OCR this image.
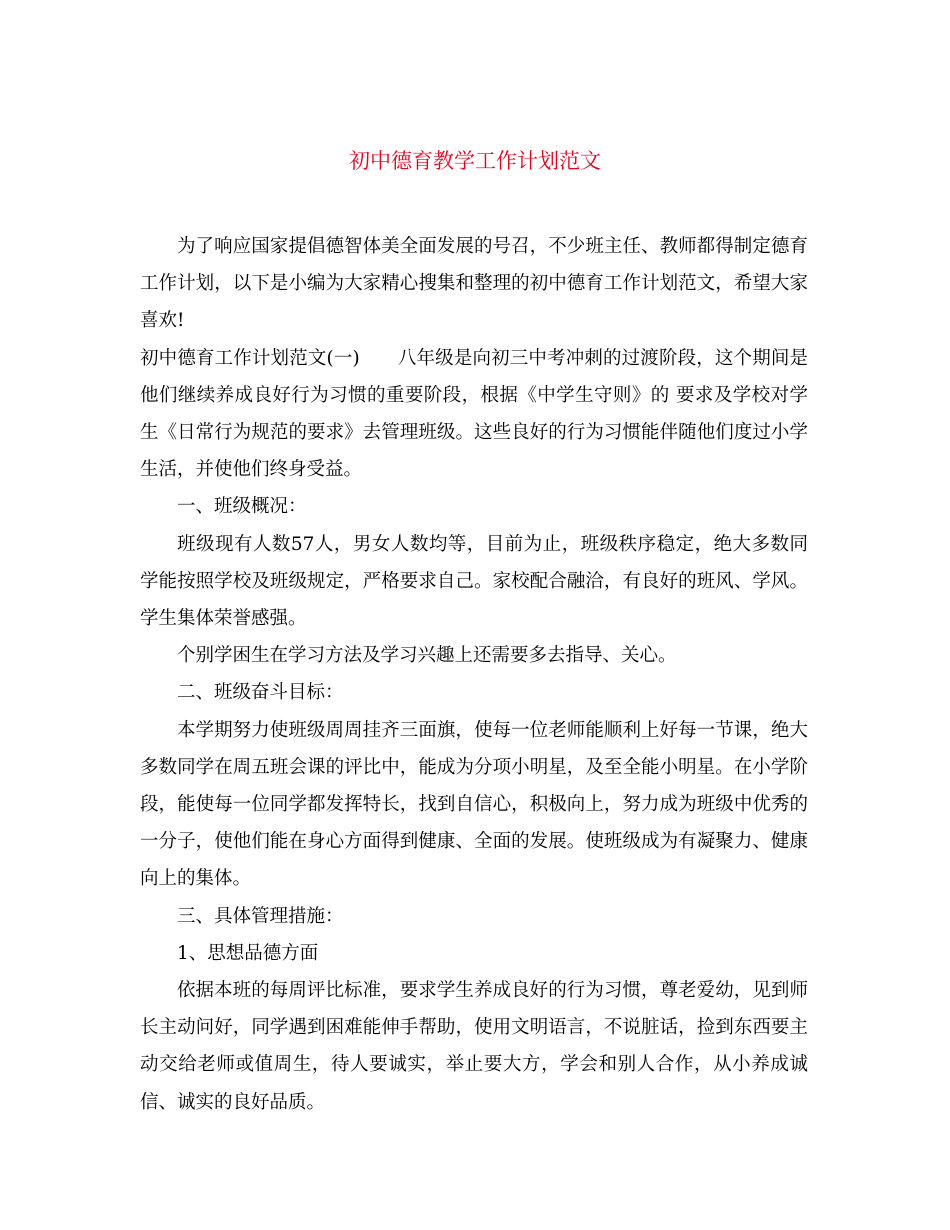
初中德育教学工作计划范文

为了响应国家提倡德智体美全面发展的号召，不少班主任、教师都得制定德育工作计划，以下是小编为大家精心搜集和整理的初中德育工作计划范文，希望大家喜欢!

初中德育工作计划范文(一) 八年级是向初三中考冲刺的过渡阶段，这个期间是他们继续养成良好行为习惯的重要阶段，根据《中学生守则》的 要求及学校对学生《日常行为规范的要求》去管理班级。这些良好的行为习惯能伴随他们度过小学生活，并使他们终身受益。

一、班级概况：

班级现有人数57人，男女人数均等，目前为止，班级秩序稳定，绝大多数同学能按照学校及班级规定，严格要求自己。家校配合融洽，有良好的班风、学风。学生集体荣誉感强。

个别学困生在学习方法及学习兴趣上还需要多去指导、关心。

二、班级奋斗目标：

本学期努力使班级周周挂齐三面旗，使每一位老师能顺利上好每一节课，绝大多数同学在周五班会课的评比中，能成为分项小明星，及至全能小明星。在小学阶段，能使每一位同学都发挥特长，找到自信心，积极向上，努力成为班级中优秀的一分子，使他们能在身心方面得到健康、全面的发展。使班级成为有凝聚力、健康向上的集体。

三、具体管理措施：

1、思想品德方面

依据本班的每周评比标准，要求学生养成良好的行为习惯，尊老爱幼，见到师长主动问好，同学遇到困难能伸手帮助，使用文明语言，不说脏话，捡到东西要主动交给老师或值周生，待人要诚实，举止要大方，学会和别人合作，从小养成诚信、诚实的良好品质。
